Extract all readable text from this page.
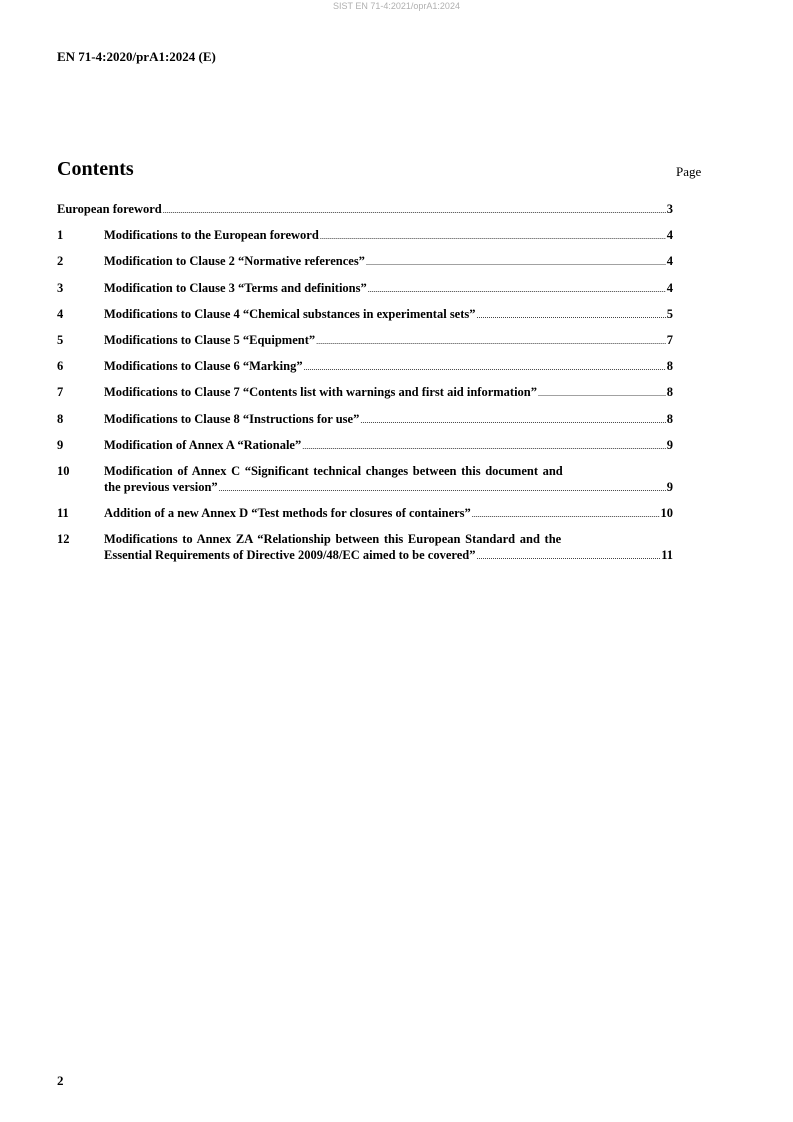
SIST EN 71-4:2021/oprA1:2024
EN 71-4:2020/prA1:2024 (E)
Contents	Page
European foreword .....	3
1	Modifications to the European foreword .....	4
2	Modification to Clause 2 “Normative references” .....	4
3	Modification to Clause 3 “Terms and definitions” .....	4
4	Modifications to Clause 4 “Chemical substances in experimental sets” .....	5
5	Modifications to Clause 5 “Equipment” .....	7
6	Modifications to Clause 6 “Marking” .....	8
7	Modifications to Clause 7 “Contents list with warnings and first aid information” .....	8
8	Modifications to Clause 8 “Instructions for use” .....	8
9	Modification of Annex A “Rationale” .....	9
10	Modification of Annex C “Significant technical changes between this document and
the previous version” .....	9
11	Addition of a new Annex D “Test methods for closures of containers” .....	10
12	Modifications to Annex ZA “Relationship between this European Standard and the
Essential Requirements of Directive 2009/48/EC aimed to be covered” .....	11
2
